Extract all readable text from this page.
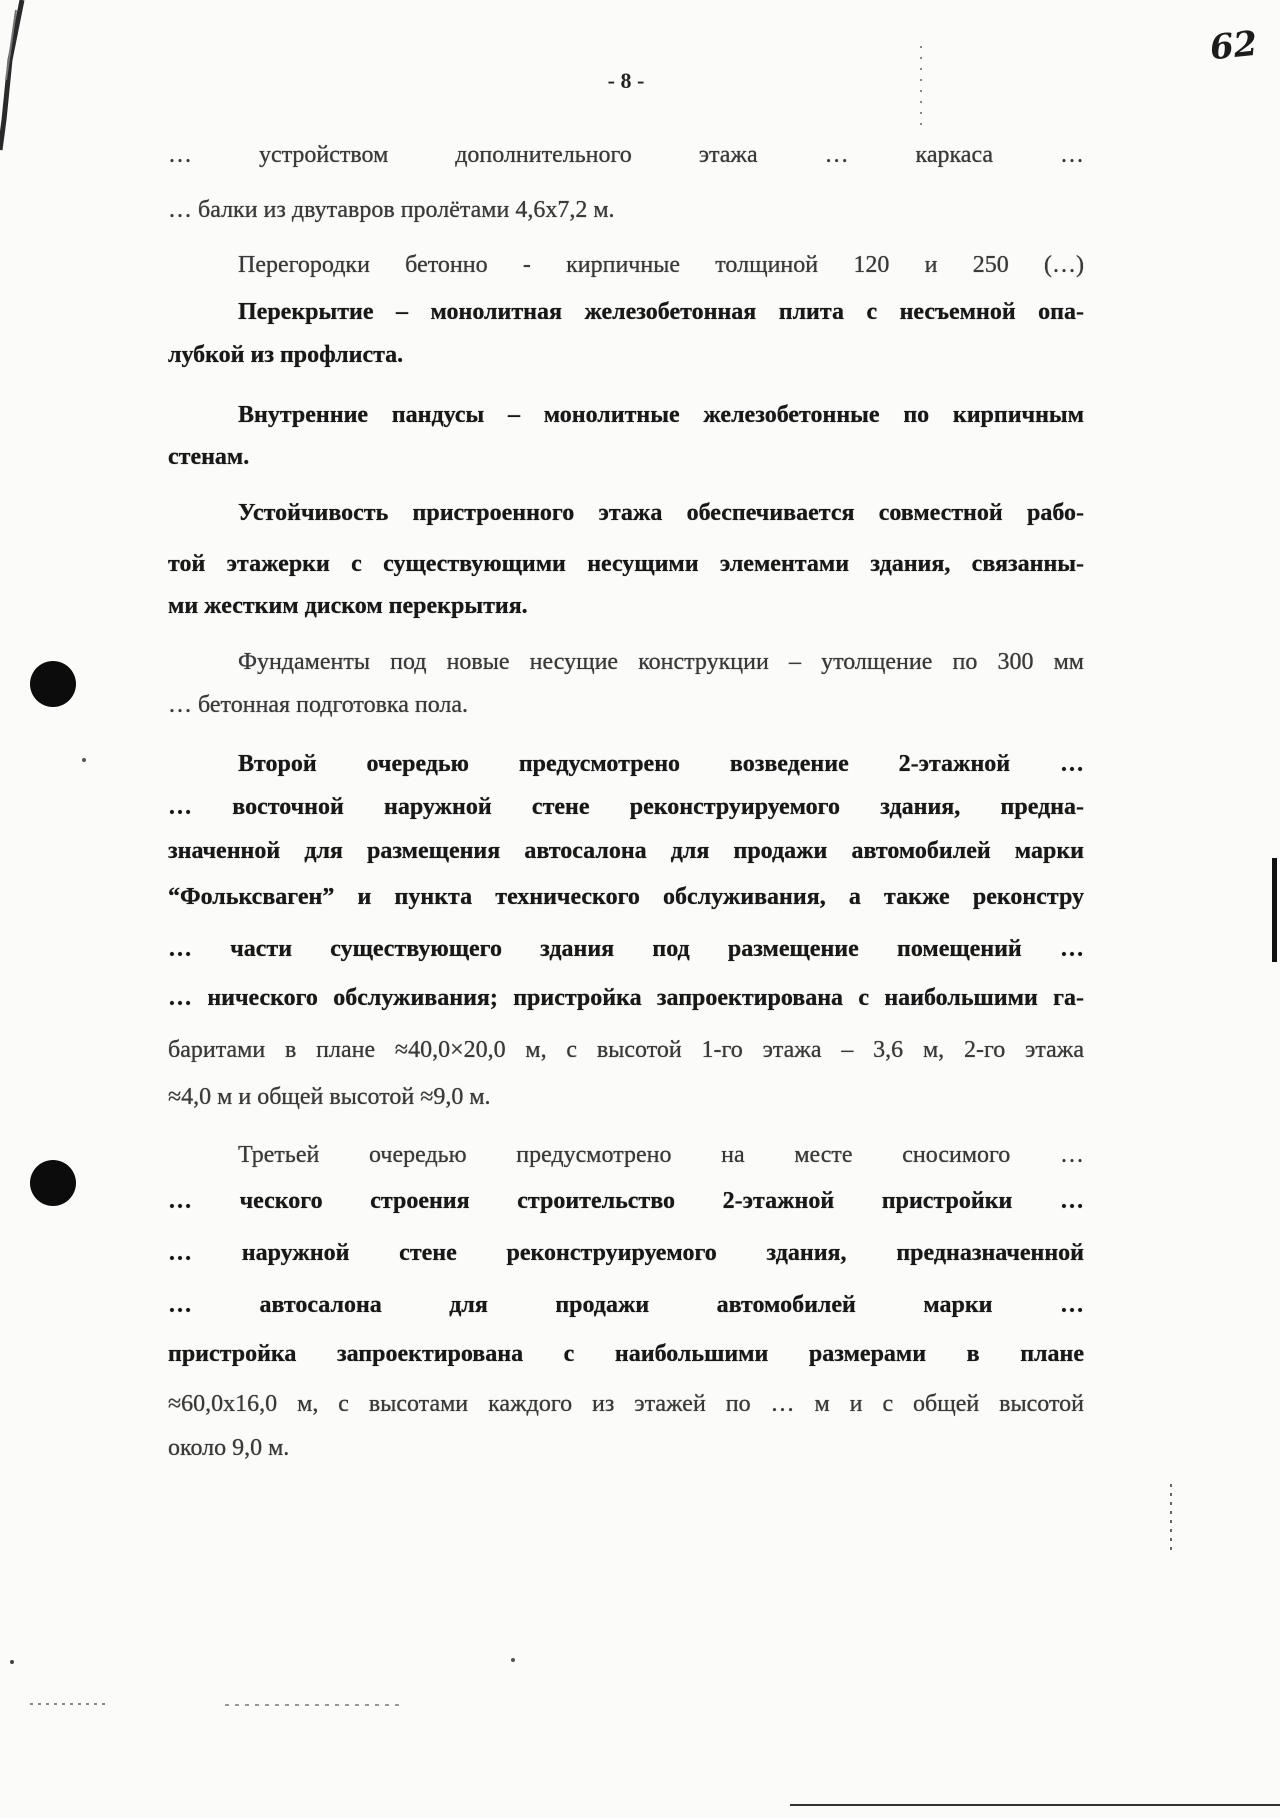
- 8 -
62
… устройством дополнительного этажа … каркаса …
… балки из двутавров пролётами 4,6х7,2 м.
Перегородки бетонно - кирпичные толщиной 120 и 250 (…)
Перекрытие – монолитная железобетонная плита с несъемной опа-
лубкой из профлиста.
Внутренние пандусы – монолитные железобетонные по кирпичным
стенам.
Устойчивость пристроенного этажа обеспечивается совместной рабо-
той этажерки с существующими несущими элементами здания, связанны-
ми жестким диском перекрытия.
Фундаменты под новые несущие конструкции – утолщение по 300 мм
… бетонная подготовка пола.
Второй очередью предусмотрено возведение 2-этажной …
… восточной наружной стене реконструируемого здания, предна-
значенной для размещения автосалона для продажи автомобилей марки
“Фольксваген” и пункта технического обслуживания, а также реконстру
… части существующего здания под размещение помещений …
… нического обслуживания; пристройка запроектирована с наибольшими га-
баритами в плане ≈40,0×20,0 м, с высотой 1-го этажа – 3,6 м, 2-го этажа
≈4,0 м и общей высотой ≈9,0 м.
Третьей очередью предусмотрено на месте сносимого …
… ческого строения строительство 2-этажной пристройки …
… наружной стене реконструируемого здания, предназначенной
… автосалона для продажи автомобилей марки …
пристройка запроектирована с наибольшими размерами в плане
≈60,0х16,0 м, с высотами каждого из этажей по … м и с общей высотой
около 9,0 м.
